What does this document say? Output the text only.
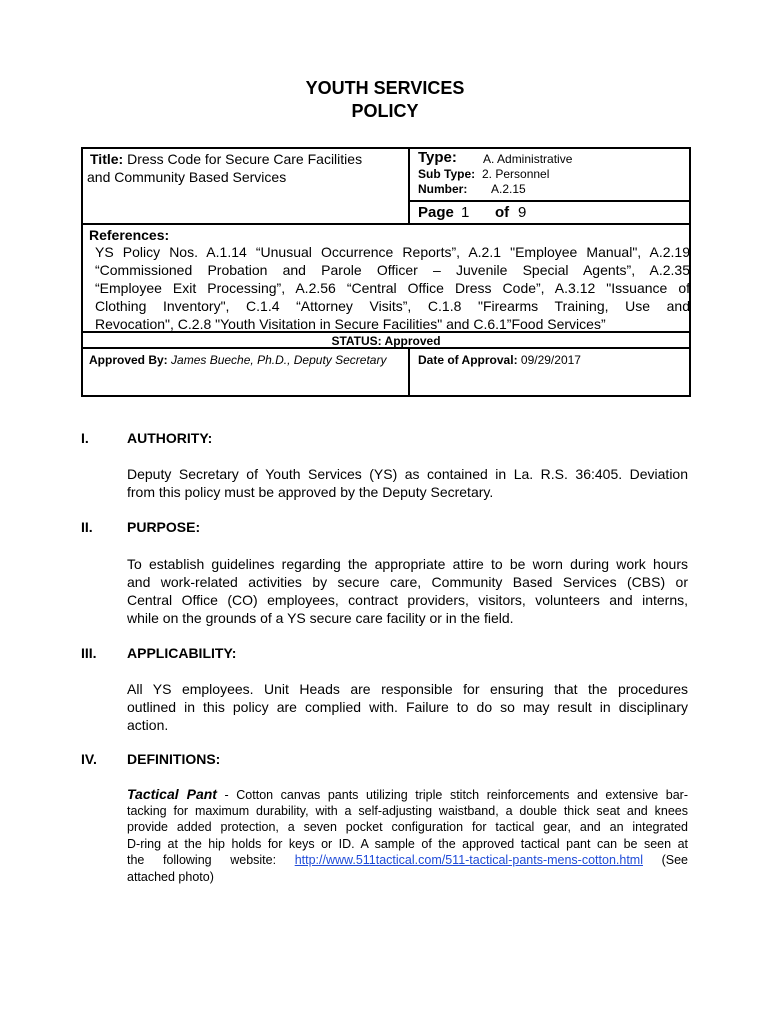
YOUTH SERVICES
POLICY
Title: Dress Code for Secure Care Facilities
and Community Based Services
Type: A. Administrative
Sub Type: 2. Personnel
Number: A.2.15
Page 1 of 9
References:
YS Policy Nos. A.1.14 “Unusual Occurrence Reports”, A.2.1 "Employee Manual", A.2.19
“Commissioned Probation and Parole Officer – Juvenile Special Agents”, A.2.35
“Employee Exit Processing”, A.2.56 “Central Office Dress Code”, A.3.12 "Issuance of
Clothing Inventory", C.1.4 “Attorney Visits”, C.1.8 "Firearms Training, Use and
Revocation", C.2.8 "Youth Visitation in Secure Facilities" and C.6.1”Food Services”
STATUS: Approved
Approved By: James Bueche, Ph.D., Deputy Secretary	Date of Approval: 09/29/2017
I.	AUTHORITY:
Deputy Secretary of Youth Services (YS) as contained in La. R.S. 36:405. Deviation
from this policy must be approved by the Deputy Secretary.
II. PURPOSE:
To establish guidelines regarding the appropriate attire to be worn during work hours
and work-related activities by secure care, Community Based Services (CBS) or
Central Office (CO) employees, contract providers, visitors, volunteers and interns,
while on the grounds of a YS secure care facility or in the field.
III. APPLICABILITY:
All YS employees. Unit Heads are responsible for ensuring that the procedures
outlined in this policy are complied with. Failure to do so may result in disciplinary
action.
IV. DEFINITIONS:
Tactical Pant - Cotton canvas pants utilizing triple stitch reinforcements and extensive bar-
tacking for maximum durability, with a self-adjusting waistband, a double thick seat and knees
provide added protection, a seven pocket configuration for tactical gear, and an integrated
D-ring at the hip holds for keys or ID. A sample of the approved tactical pant can be seen at
the following website: http://www.511tactical.com/511-tactical-pants-mens-cotton.html (See
attached photo)
